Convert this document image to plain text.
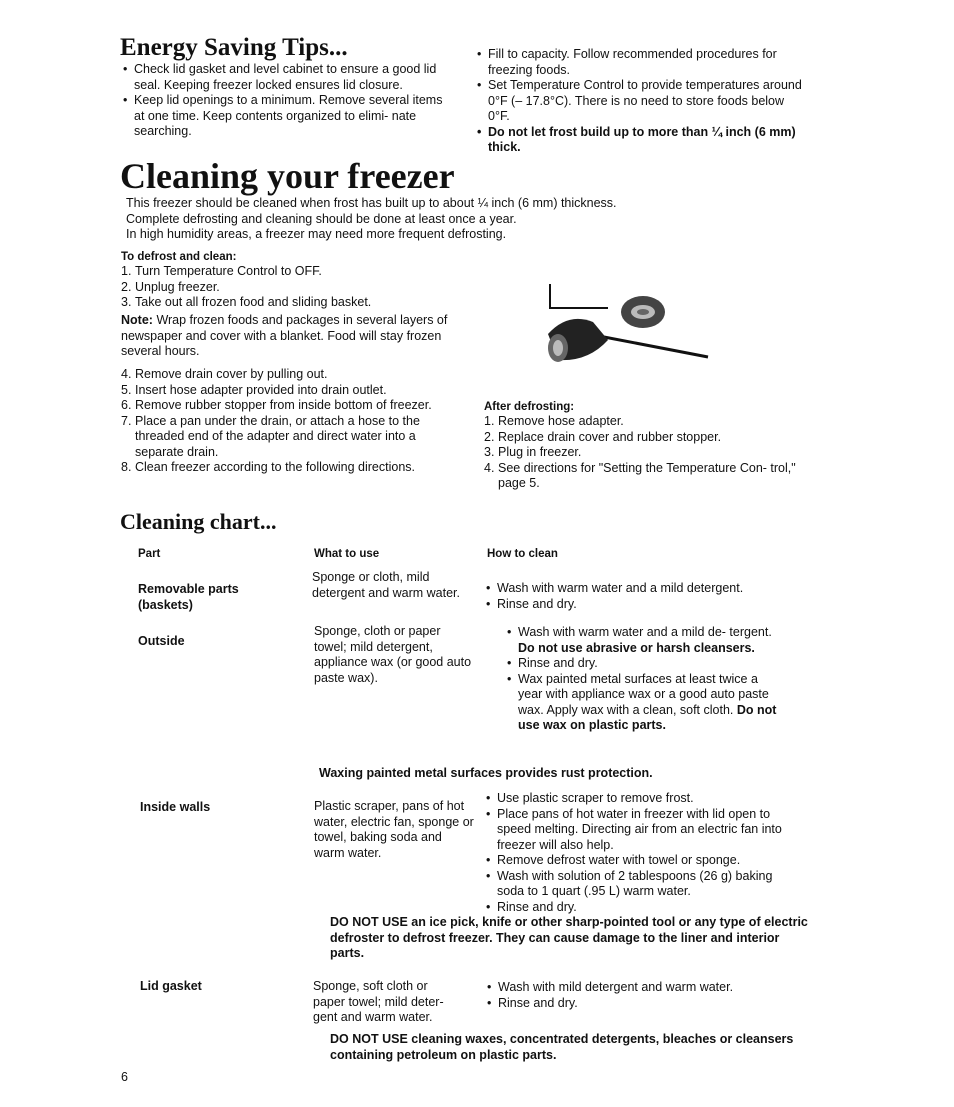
Energy Saving Tips...
• Check lid gasket and level cabinet to ensure a good lid seal. Keeping freezer locked ensures lid closure.
• Keep lid openings to a minimum. Remove several items at one time. Keep contents organized to elimi- nate searching.
• Fill to capacity. Follow recommended procedures for freezing foods.
• Set Temperature Control to provide temperatures around 0°F (– 17.8°C). There is no need to store foods below 0°F.
• Do not let frost build up to more than ¼ inch (6 mm) thick.
Cleaning your freezer

This freezer should be cleaned when frost has built up to about ¼ inch (6 mm) thickness.

Complete defrosting and cleaning should be done at least once a year.

In high humidity areas, a freezer may need more frequent defrosting.

To defrost and clean:
1. Turn Temperature Control to OFF.
2. Unplug freezer.
3. Take out all frozen food and sliding basket.

Note: Wrap frozen foods and packages in several layers of newspaper and cover with a blanket. Food will stay frozen several hours.

4. Remove drain cover by pulling out.
5. Insert hose adapter provided into drain outlet.
6. Remove rubber stopper from inside bottom of freezer.
7. Place a pan under the drain, or attach a hose to the threaded end of the adapter and direct water into a separate drain.
8. Clean freezer according to the following directions.
After defrosting:
1. Remove hose adapter.
2. Replace drain cover and rubber stopper.
3. Plug in freezer.
4. See directions for "Setting the Temperature Con- trol," page 5.
Cleaning chart...
Part	What to use	How to clean
Removable parts (baskets)
Sponge or cloth, mild detergent and warm water.
•	Wash with warm water and a mild detergent.
• Rinse and dry.
Outside
Sponge, cloth or paper towel; mild detergent, appliance wax (or good auto paste wax).
• Wash with warm water and a mild de- tergent. Do not use abrasive or harsh cleansers.
• Rinse and dry.
• Wax painted metal surfaces at least twice a year with appliance wax or a good auto paste wax. Apply wax with a clean, soft cloth. Do not use wax on plastic parts.
Waxing painted metal surfaces provides rust protection.
Inside walls	Plastic scraper, pans of hot water, electric fan, sponge or towel, baking soda and warm water.
• Use plastic scraper to remove frost.
• Place pans of hot water in freezer with lid open to speed melting. Directing air from an electric fan into freezer will also help.
• Remove defrost water with towel or sponge.
• Wash with solution of 2 tablespoons (26 g) baking soda to 1 quart (.95 L) warm water.
• Rinse and dry.
DO NOT USE an ice pick, knife or other sharp-pointed tool or any type of electric defroster to defrost freezer. They can cause damage to the liner and interior parts.
Lid gasket	Sponge, soft cloth or paper towel; mild deter- gent and warm water.
• Wash with mild detergent and warm water.
• Rinse and dry.
DO NOT USE cleaning waxes, concentrated detergents, bleaches or cleansers containing petroleum on plastic parts.
6
